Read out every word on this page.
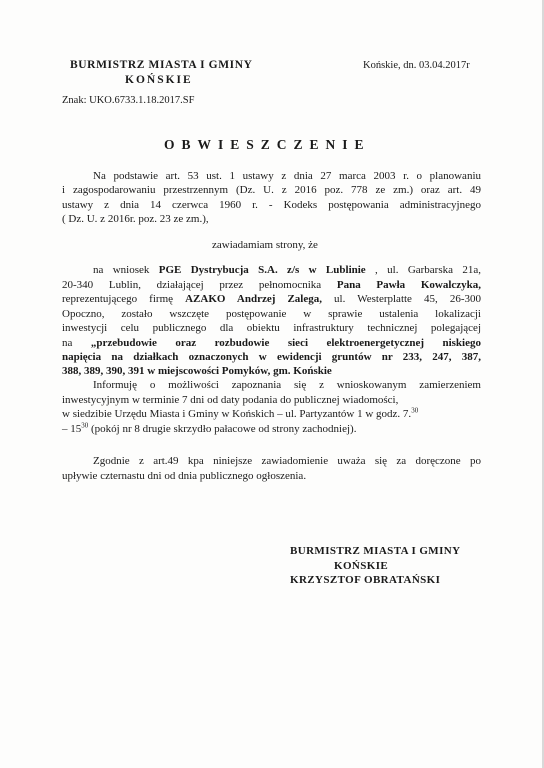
BURMISTRZ MIASTA I GMINY
KOŃSKIE
Końskie, dn. 03.04.2017r
Znak: UKO.6733.1.18.2017.SF
OBWIESZCZENIE
Na podstawie art. 53 ust. 1 ustawy z dnia 27 marca 2003 r. o planowaniu
i zagospodarowaniu przestrzennym (Dz. U. z 2016 poz. 778 ze zm.) oraz art. 49
ustawy z dnia 14 czerwca 1960 r. - Kodeks postępowania administracyjnego
( Dz. U. z 2016r. poz. 23 ze zm.),
zawiadamiam strony, że
na wniosek PGE Dystrybucja S.A. z/s w Lublinie , ul. Garbarska 21a,
20-340 Lublin, działającej przez pełnomocnika Pana Pawła Kowalczyka,
reprezentującego firmę AZAKO Andrzej Zalega, ul. Westerplatte 45, 26-300
Opoczno, zostało wszczęte postępowanie w sprawie ustalenia lokalizacji
inwestycji celu publicznego dla obiektu infrastruktury technicznej polegającej
na „przebudowie oraz rozbudowie sieci elektroenergetycznej niskiego
napięcia na działkach oznaczonych w ewidencji gruntów nr 233, 247, 387,
388, 389, 390, 391 w miejscowości Pomyków, gm. Końskie
Informuję o możliwości zapoznania się z wnioskowanym zamierzeniem
inwestycyjnym w terminie 7 dni od daty podania do publicznej wiadomości,
w siedzibie Urzędu Miasta i Gminy w Końskich – ul. Partyzantów 1 w godz. 7.30
– $15^{30}$ (pokój nr 8 drugie skrzydło pałacowe od strony zachodniej).
Zgodnie z art.49 kpa niniejsze zawiadomienie uważa się za doręczone po
upływie czternastu dni od dnia publicznego ogłoszenia.
BURMISTRZ MIASTA I GMINY
KOŃSKIE
KRZYSZTOF OBRATAŃSKI
